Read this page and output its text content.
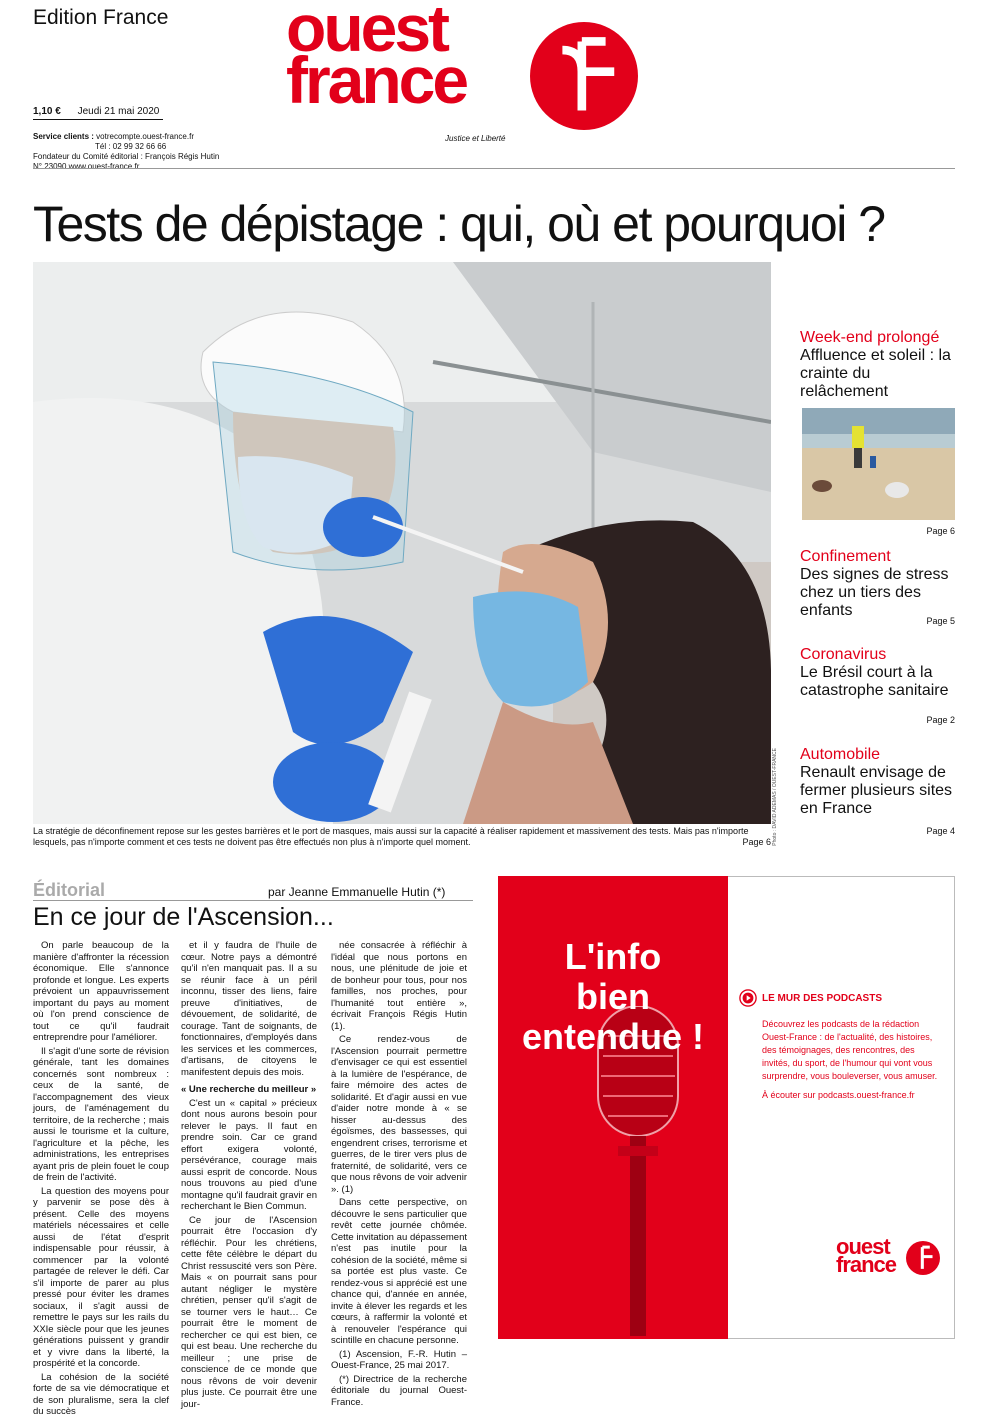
Edition France ouest
france
Justice et Liberté
1,10 € Jeudi 21 mai 2020
Service clients : votrecompte.ouest-france.fr
Tél : 02 99 32 66 66
Fondateur du Comité éditorial : François Régis Hutin
N° 23090 www.ouest-france.fr
Tests de dépistage : qui, où et pourquoi ?
Photo : DAVID ADEMAS / OUEST-FRANCE
La stratégie de déconfinement repose sur les gestes barrières et le port de masques, mais aussi sur la capacité à réaliser rapidement et massivement des tests. Mais pas n'importe lesquels, pas n'importe comment et ces tests ne doivent pas être effectués non plus à n'importe quel moment.	Page 6
Week-end prolongé
Affluence et soleil : la crainte du relâchement
Page 6
Confinement
Des signes de stress chez un tiers des enfants
Page 5
Coronavirus
Le Brésil court à la catastrophe sanitaire
Page 2
Automobile
Renault envisage de fermer plusieurs sites en France
Page 4
Éditorial	par Jeanne Emmanuelle Hutin (*)
En ce jour de l'Ascension...

On parle beaucoup de la manière d'affronter la récession économique. Elle s'annonce profonde et longue. Les experts prévoient un appauvrissement important du pays au moment où l'on prend conscience de tout ce qu'il faudrait entreprendre pour l'améliorer.

Il s'agit d'une sorte de révision générale, tant les domaines concernés sont nombreux : ceux de la santé, de l'accompagnement des vieux jours, de l'aménagement du territoire, de la recherche ; mais aussi le tourisme et la culture, l'agriculture et la pêche, les administrations, les entreprises ayant pris de plein fouet le coup de frein de l'activité.

La question des moyens pour y parvenir se pose dès à présent. Celle des moyens matériels nécessaires et celle aussi de l'état d'esprit indispensable pour réussir, à commencer par la volonté partagée de relever le défi. Car s'il importe de parer au plus pressé pour éviter les drames sociaux, il s'agit aussi de remettre le pays sur les rails du XXIe siècle pour que les jeunes générations puissent y grandir et y vivre dans la liberté, la prospérité et la concorde.

La cohésion de la société forte de sa vie démocratique et de son pluralisme, sera la clef du succès

et il y faudra de l'huile de cœur. Notre pays a démontré qu'il n'en manquait pas. Il a su se réunir face à un péril inconnu, tisser des liens, faire preuve d'initiatives, de dévouement, de solidarité, de courage. Tant de soignants, de fonctionnaires, d'employés dans les services et les commerces, d'artisans, de citoyens le manifestent depuis des mois.

« Une recherche du meilleur »

C'est un « capital » précieux dont nous aurons besoin pour relever le pays. Il faut en prendre soin. Car ce grand effort exigera volonté, persévérance, courage mais aussi esprit de concorde. Nous nous trouvons au pied d'une montagne qu'il faudrait gravir en recherchant le Bien Commun.

Ce jour de l'Ascension pourrait être l'occasion d'y réfléchir. Pour les chrétiens, cette fête célèbre le départ du Christ ressuscité vers son Père. Mais « on pourrait sans pour autant négliger le mystère chrétien, penser qu'il s'agit de se tourner vers le haut… Ce pourrait être le moment de rechercher ce qui est bien, ce qui est beau. Une recherche du meilleur ; une prise de conscience de ce monde que nous rêvons de voir devenir plus juste. Ce pourrait être une jour-

née consacrée à réfléchir à l'idéal que nous portons en nous, une plénitude de joie et de bonheur pour tous, pour nos familles, nos proches, pour l'humanité tout entière », écrivait François Régis Hutin (1).

Ce rendez-vous de l'Ascension pourrait permettre d'envisager ce qui est essentiel à la lumière de l'espérance, de faire mémoire des actes de solidarité. Et d'agir aussi en vue d'aider notre monde à « se hisser au-dessus des égoïsmes, des bassesses, qui engendrent crises, terrorisme et guerres, de le tirer vers plus de fraternité, de solidarité, vers ce que nous rêvons de voir advenir ». (1)

Dans cette perspective, on découvre le sens particulier que revêt cette journée chômée. Cette invitation au dépassement n'est pas inutile pour la cohésion de la société, même si sa portée est plus vaste. Ce rendez-vous si apprécié est une chance qui, d'année en année, invite à élever les regards et les cœurs, à raffermir la volonté et à renouveler l'espérance qui scintille en chacune personne.

(1) Ascension, F.-R. Hutin – Ouest-France, 25 mai 2017.

(*) Directrice de la recherche éditoriale du journal Ouest-France.

L'info
bien
entendue !
LE MUR DES PODCASTS
Découvrez les podcasts de la rédaction Ouest-France : de l'actualité, des histoires, des témoignages, des rencontres, des invités, du sport, de l'humour qui vont vous surprendre, vous bouleverser, vous amuser.
À écouter sur podcasts.ouest-france.fr
ouest
france
